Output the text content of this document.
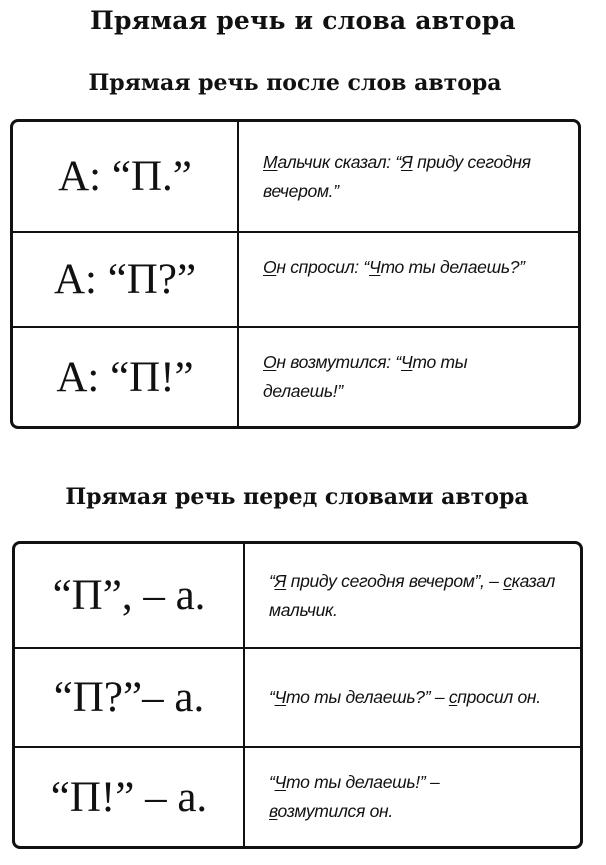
Прямая речь и слова автора
Прямая речь после слов автора
А: “П.”	Мальчик сказал: “Я приду сегодня вечером.”

А: “П?”	Он спросил: “Что ты делаешь?”

А: “П!”	Он возмутился: “Что ты делаешь!”

Прямая речь перед словами автора
“П”, – а.	“Я приду сегодня вечером”, – сказал мальчик.

“П?”– а.	“Что ты делаешь?” – спросил он.

“П!” – а.	“Что ты делаешь!” – возмутился он.
